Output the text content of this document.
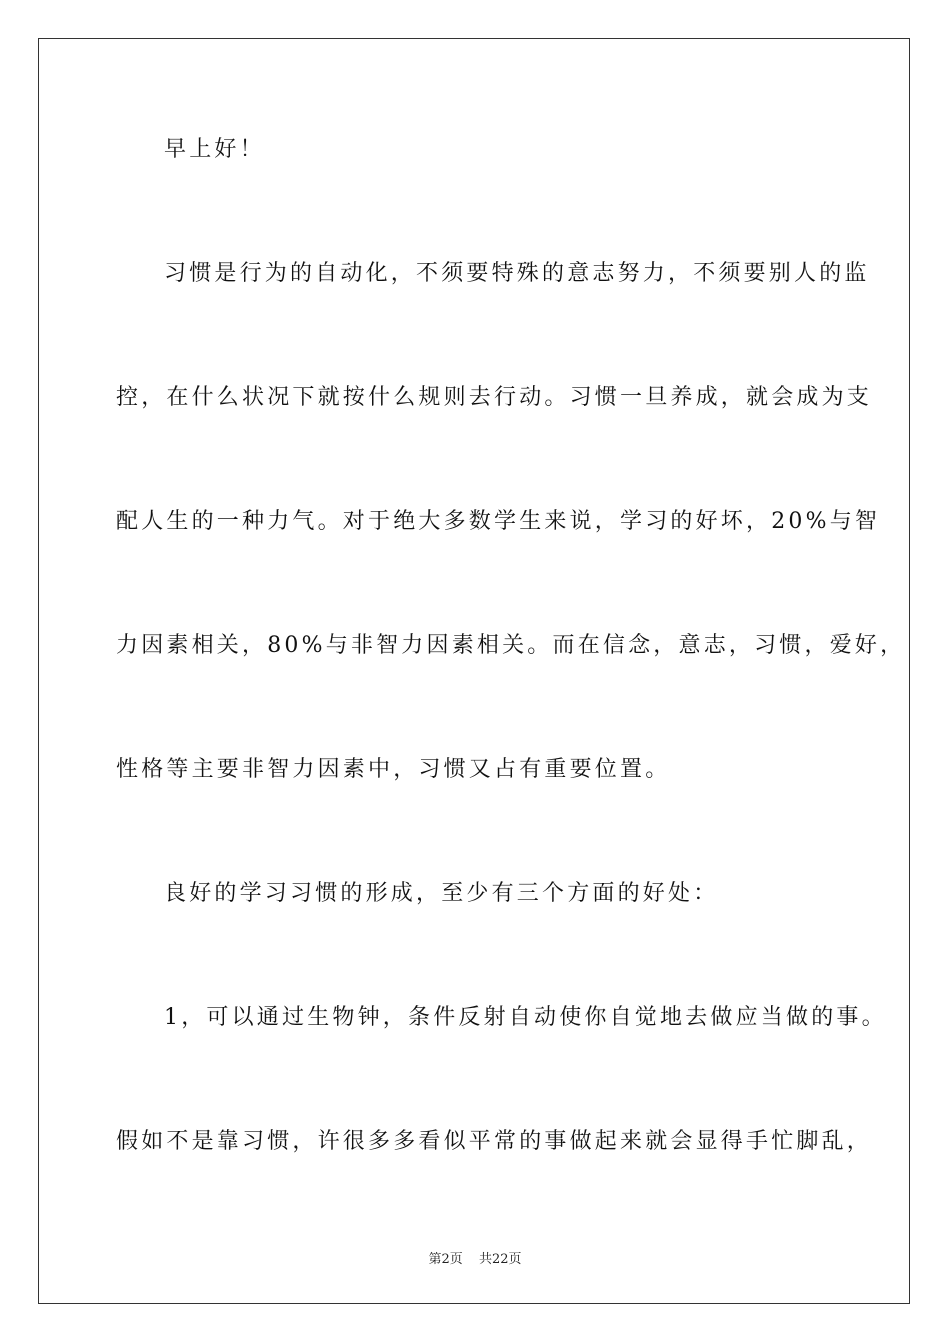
早上好！
习惯是行为的自动化，不须要特殊的意志努力，不须要别人的监
控，在什么状况下就按什么规则去行动。习惯一旦养成，就会成为支
配人生的一种力气。对于绝大多数学生来说，学习的好坏，20%与智
力因素相关，80%与非智力因素相关。而在信念，意志，习惯，爱好，
性格等主要非智力因素中，习惯又占有重要位置。
良好的学习习惯的形成，至少有三个方面的好处：
1，可以通过生物钟，条件反射自动使你自觉地去做应当做的事。
假如不是靠习惯，许很多多看似平常的事做起来就会显得手忙脚乱，
第2页 共22页
